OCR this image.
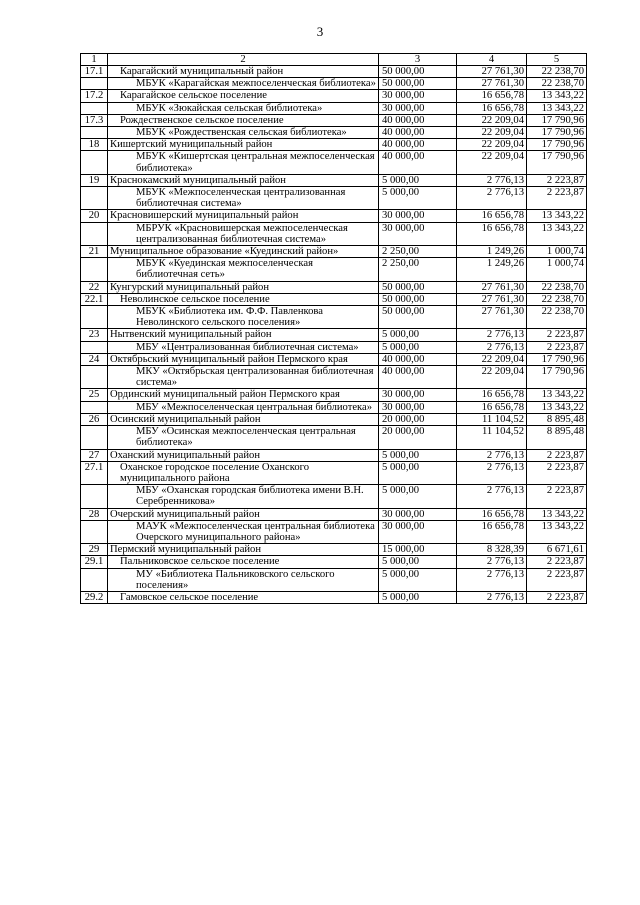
3
1	2	3	4	5
17.1	Карагайский муниципальный район	50 000,00	27 761,30	22 238,70
	МБУК «Карагайская межпоселенческая библиотека»	50 000,00	27 761,30	22 238,70
17.2	Карагайское сельское поселение	30 000,00	16 656,78	13 343,22
	МБУК «Зюкайская сельская библиотека»	30 000,00	16 656,78	13 343,22
17.3	Рождественское сельское поселение	40 000,00	22 209,04	17 790,96
	МБУК «Рождественская сельская библиотека»	40 000,00	22 209,04	17 790,96
18	Кишертский муниципальный район	40 000,00	22 209,04	17 790,96
	МБУК «Кишертская центральная межпоселенческая библиотека»	40 000,00	22 209,04	17 790,96
19	Краснокамский муниципальный район	5 000,00	2 776,13	2 223,87
	МБУК «Межпоселенческая централизованная библиотечная система»	5 000,00	2 776,13	2 223,87
20	Красновишерский муниципальный район	30 000,00	16 656,78	13 343,22
	МБРУК «Красновишерская межпоселенческая централизованная библиотечная система»	30 000,00	16 656,78	13 343,22
21	Муниципальное образование «Куединский район»	2 250,00	1 249,26	1 000,74
	МБУК «Куединская межпоселенческая библиотечная сеть»	2 250,00	1 249,26	1 000,74
22	Кунгурский муниципальный район	50 000,00	27 761,30	22 238,70
22.1	Неволинское сельское поселение	50 000,00	27 761,30	22 238,70
	МБУК «Библиотека им. Ф.Ф. Павленкова Неволинского сельского поселения»	50 000,00	27 761,30	22 238,70
23	Нытвенский муниципальный район	5 000,00	2 776,13	2 223,87
	МБУ «Централизованная библиотечная система»	5 000,00	2 776,13	2 223,87
24	Октябрьский муниципальный район Пермского края	40 000,00	22 209,04	17 790,96
	МКУ «Октябрьская централизованная библиотечная система»	40 000,00	22 209,04	17 790,96
25	Ординский муниципальный район Пермского края	30 000,00	16 656,78	13 343,22
	МБУ «Межпоселенческая центральная библиотека»	30 000,00	16 656,78	13 343,22
26	Осинский муниципальный район	20 000,00	11 104,52	8 895,48
	МБУ «Осинская межпоселенческая центральная библиотека»	20 000,00	11 104,52	8 895,48
27	Оханский муниципальный район	5 000,00	2 776,13	2 223,87
27.1	Оханское городское поселение Оханского муниципального района	5 000,00	2 776,13	2 223,87
	МБУ «Оханская городская библиотека имени В.Н. Серебренникова»	5 000,00	2 776,13	2 223,87
28	Очерский муниципальный район	30 000,00	16 656,78	13 343,22
	МАУК «Межпоселенческая центральная библиотека Очерского муниципального района»	30 000,00	16 656,78	13 343,22
29	Пермский муниципальный район	15 000,00	8 328,39	6 671,61
29.1	Пальниковское сельское поселение	5 000,00	2 776,13	2 223,87
	МУ «Библиотека Пальниковского сельского поселения»	5 000,00	2 776,13	2 223,87
29.2	Гамовское сельское поселение	5 000,00	2 776,13	2 223,87
